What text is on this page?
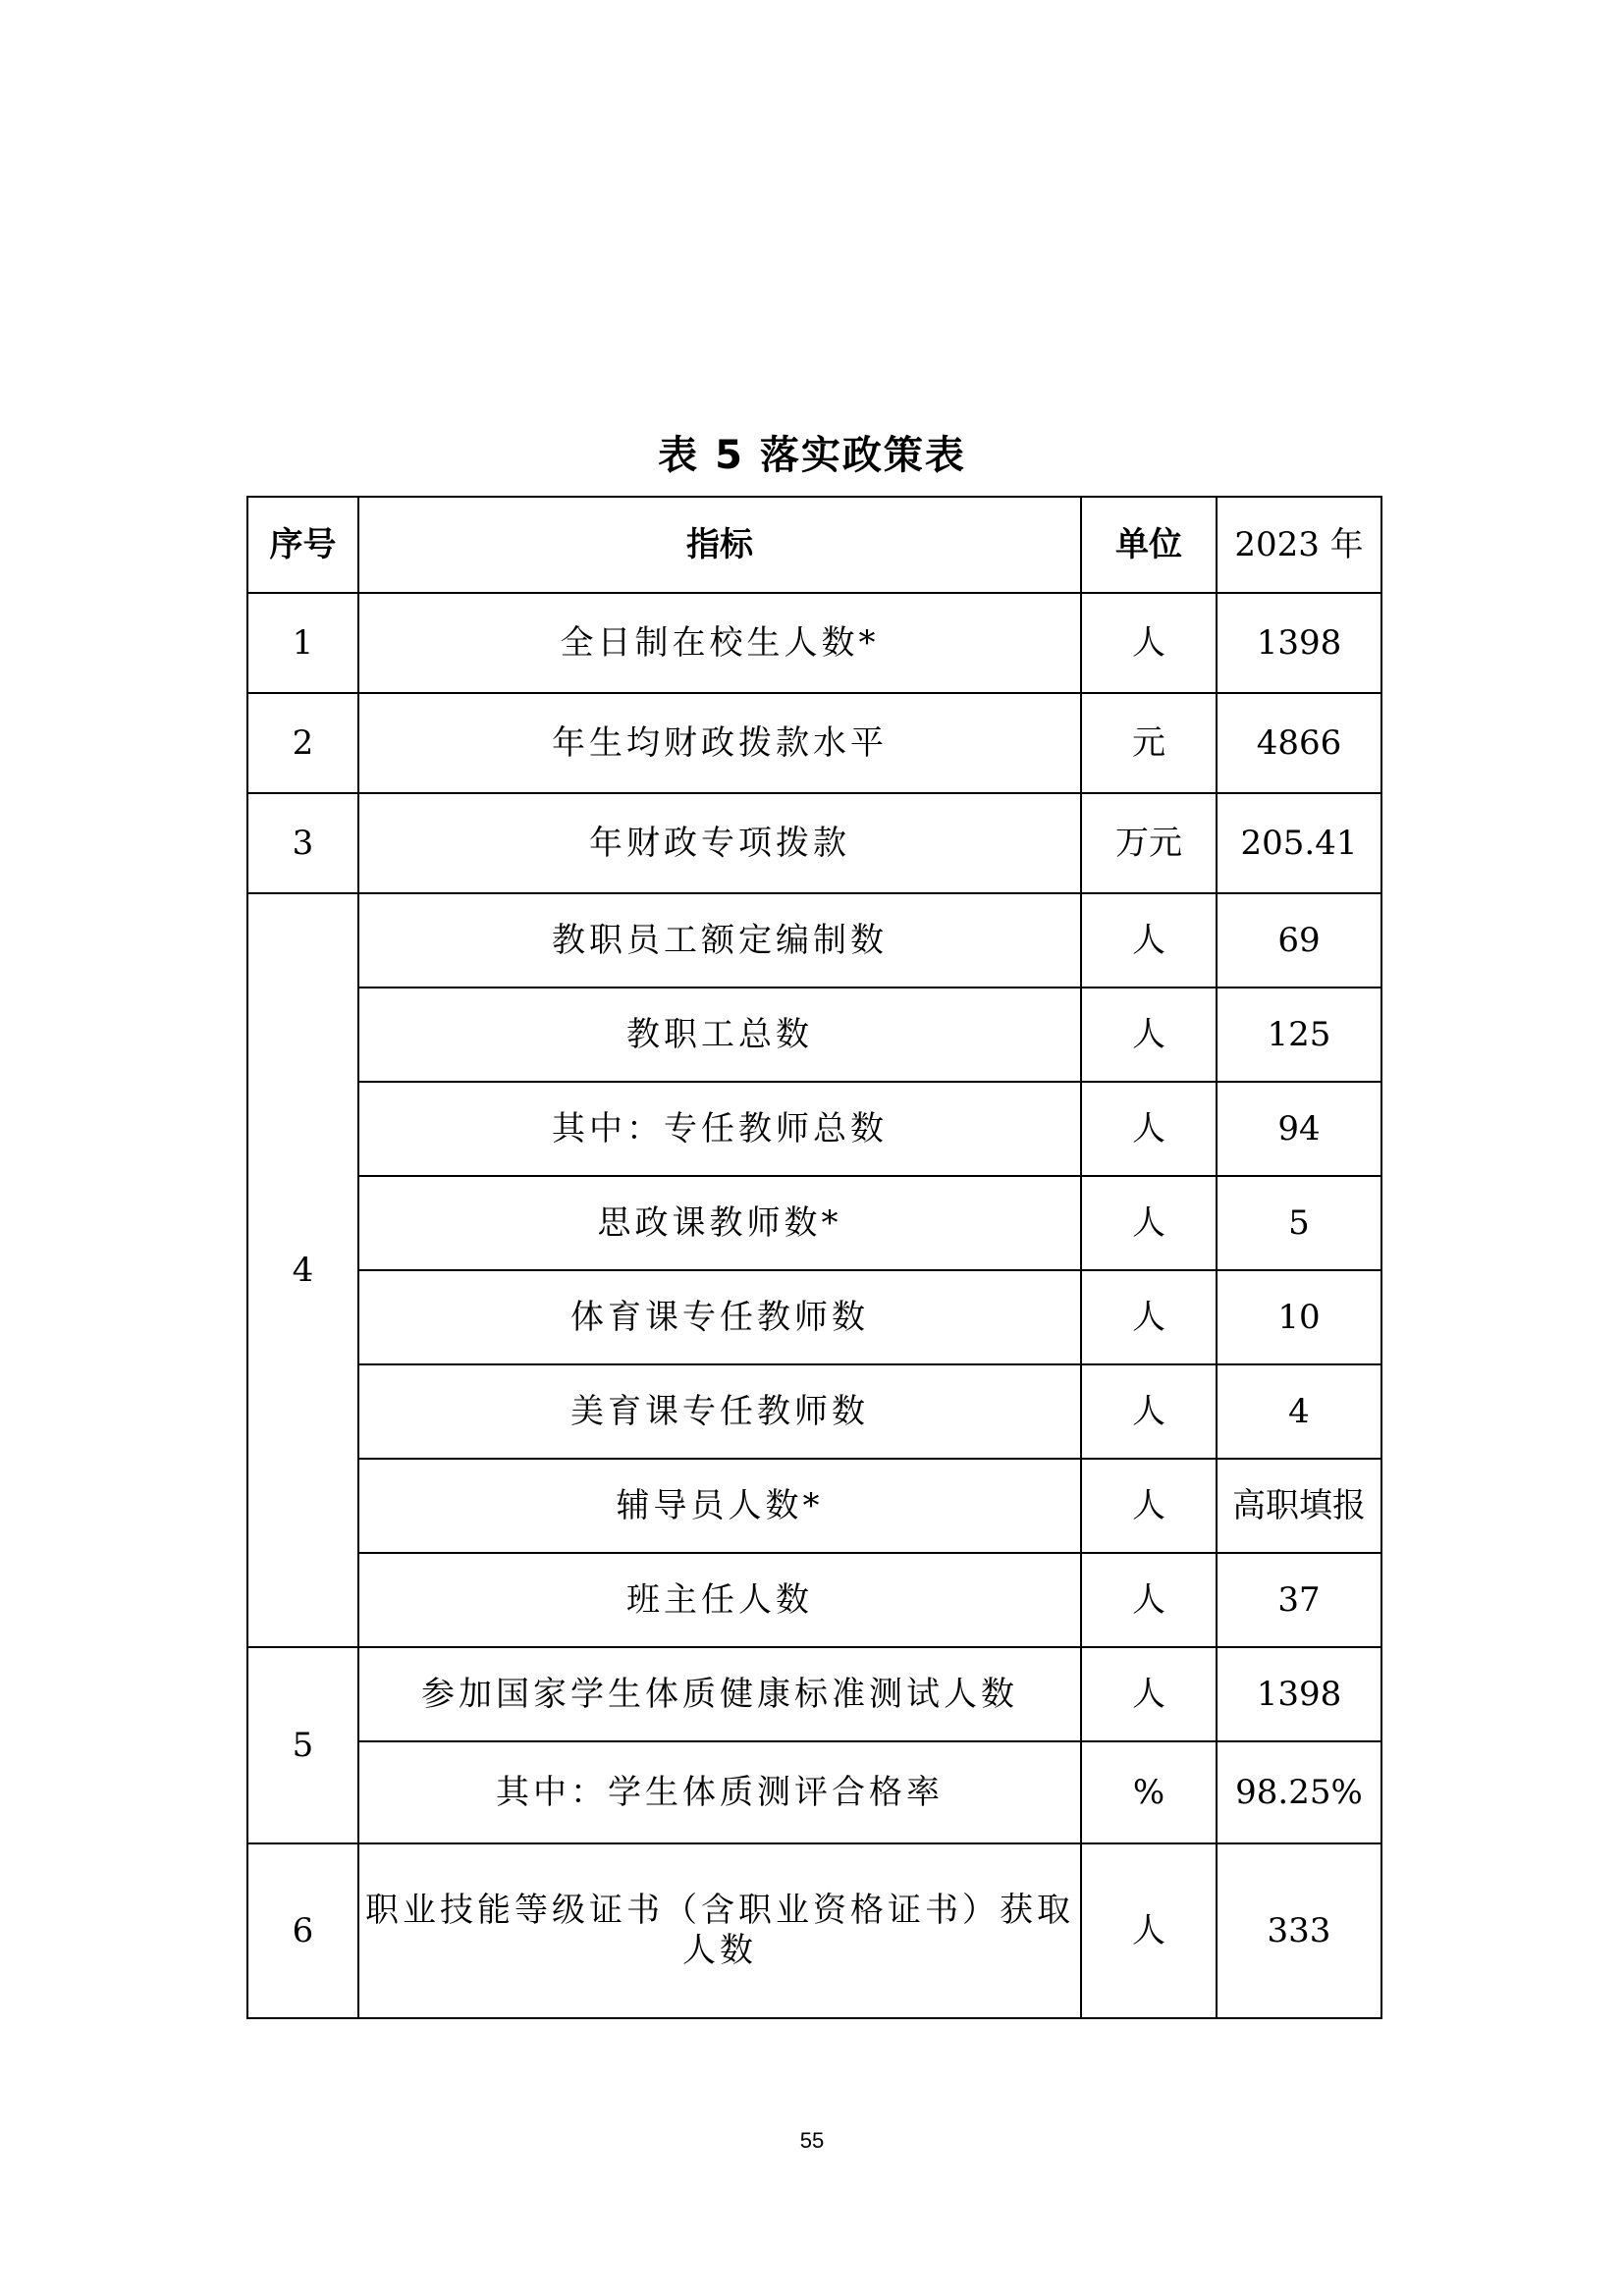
表 5 落实政策表
序号	指标	单位	2023 年
1	全日制在校生人数*	人	1398
2	年生均财政拨款水平	元	4866
3	年财政专项拨款	万元	205.41
4	教职员工额定编制数	人	69
	教职工总数	人	125
	其中：专任教师总数	人	94
	思政课教师数*	人	5
	体育课专任教师数	人	10
	美育课专任教师数	人	4
	辅导员人数*	人	高职填报
	班主任人数	人	37
5	参加国家学生体质健康标准测试人数	人	1398
	其中：学生体质测评合格率	%	98.25%
6	职业技能等级证书（含职业资格证书）获取人数	人	333
55
